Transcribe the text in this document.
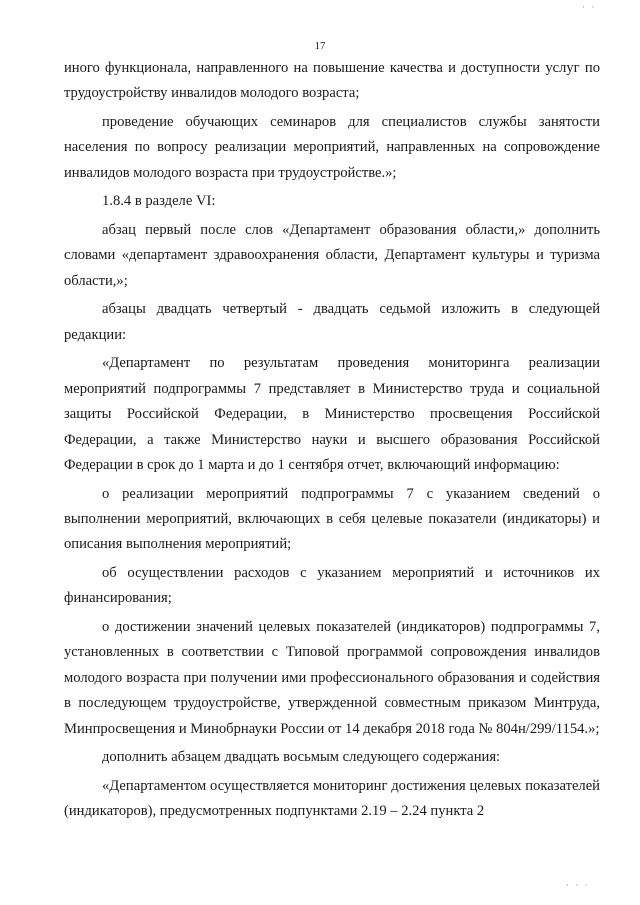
· ·
17

иного функционала, направленного на повышение качества и доступности услуг по трудоустройству инвалидов молодого возраста;

проведение обучающих семинаров для специалистов службы занятости населения по вопросу реализации мероприятий, направленных на сопровождение инвалидов молодого возраста при трудоустройстве.»;

1.8.4 в разделе VI:

абзац первый после слов «Департамент образования области,» дополнить словами «департамент здравоохранения области, Департамент культуры и туризма области,»;

абзацы двадцать четвертый - двадцать седьмой изложить в следующей редакции:

«Департамент по результатам проведения мониторинга реализации мероприятий подпрограммы 7 представляет в Министерство труда и социальной защиты Российской Федерации, в Министерство просвещения Российской Федерации, а также Министерство науки и высшего образования Российской Федерации в срок до 1 марта и до 1 сентября отчет, включающий информацию:

о реализации мероприятий подпрограммы 7 с указанием сведений о выполнении мероприятий, включающих в себя целевые показатели (индикаторы) и описания выполнения мероприятий;

об осуществлении расходов с указанием мероприятий и источников их финансирования;

о достижении значений целевых показателей (индикаторов) подпрограммы 7, установленных в соответствии с Типовой программой сопровождения инвалидов молодого возраста при получении ими профессионального образования и содействия в последующем трудоустройстве, утвержденной совместным приказом Минтруда, Минпросвещения и Минобрнауки России от 14 декабря 2018 года № 804н/299/1154.»;

дополнить абзацем двадцать восьмым следующего содержания:

«Департаментом осуществляется мониторинг достижения целевых показателей (индикаторов), предусмотренных подпунктами 2.19 – 2.24 пункта 2

· · ·
